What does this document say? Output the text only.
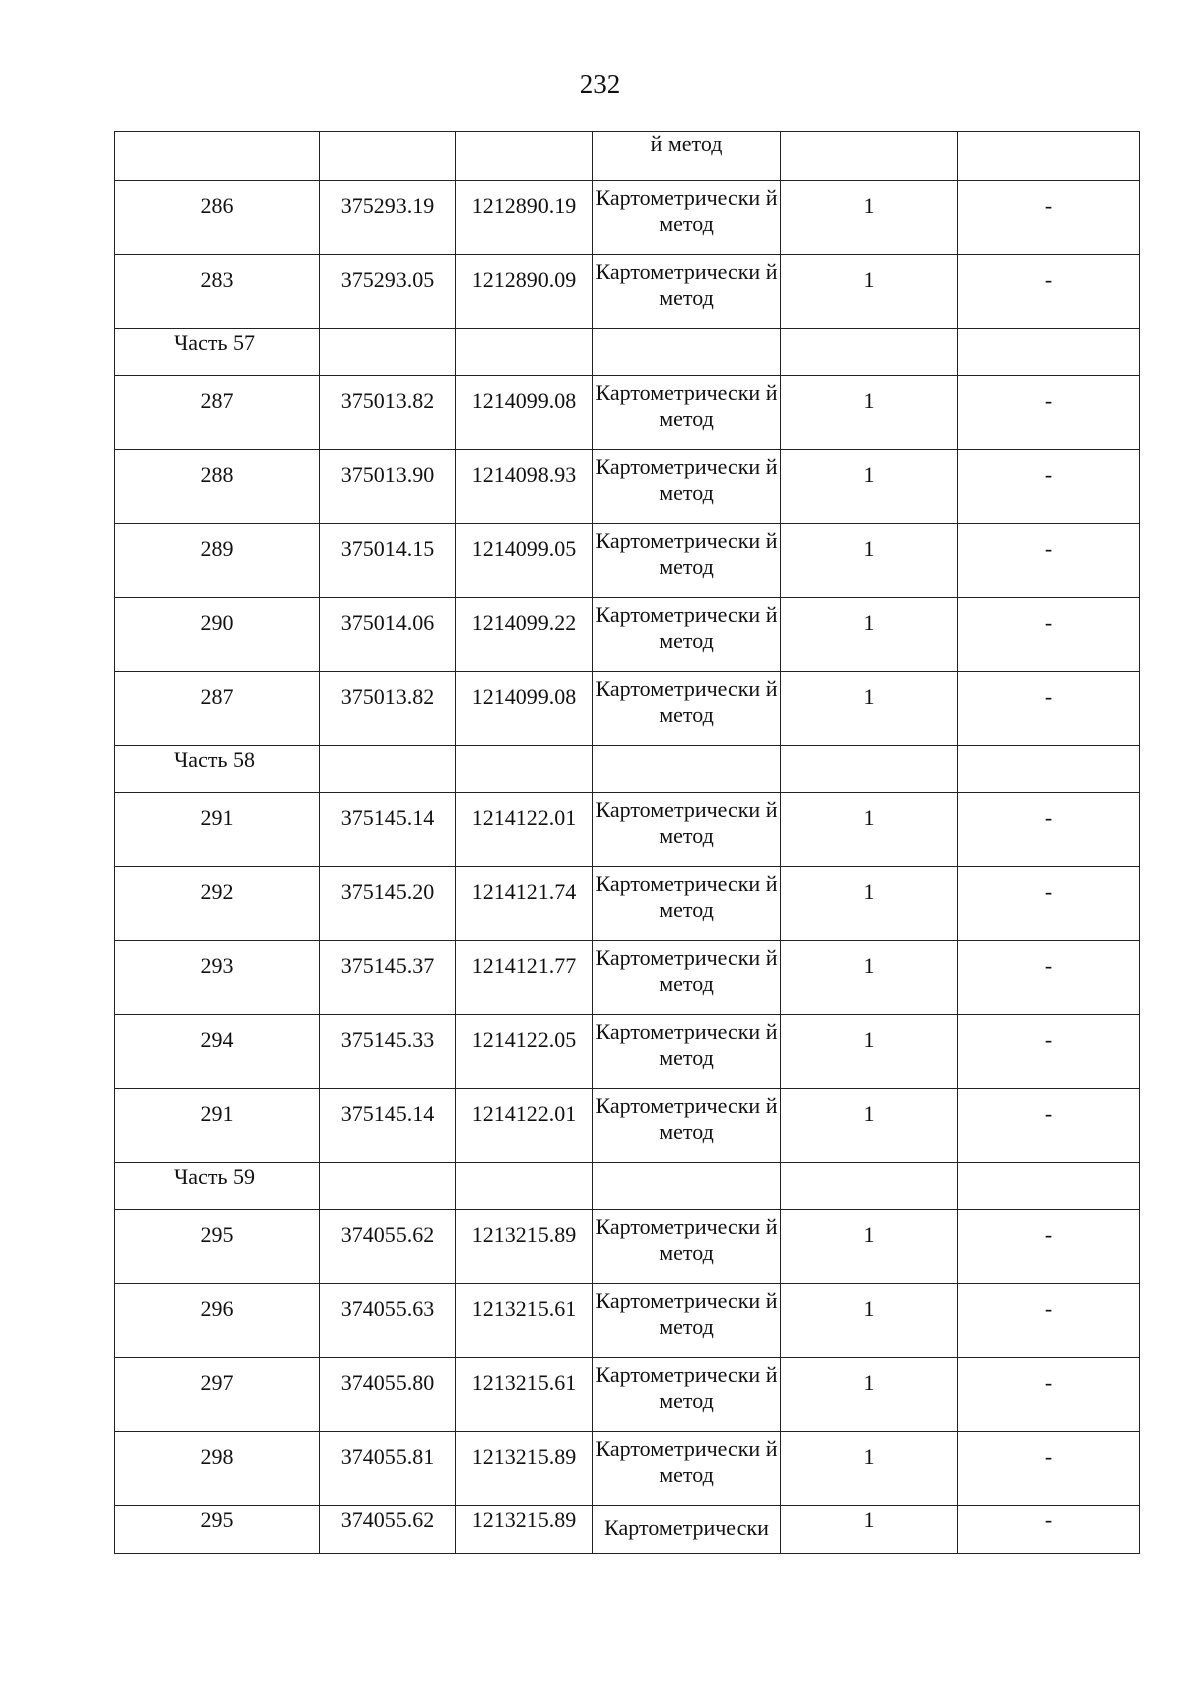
232

			й метод		

286	375293.19	1212890.19	Картометрически й метод	1	-

283	375293.05	1212890.09	Картометрически й метод	1	-

Часть 57					

287	375013.82	1214099.08	Картометрически й метод	1	-

288	375013.90	1214098.93	Картометрически й метод	1	-

289	375014.15	1214099.05	Картометрически й метод	1	-

290	375014.06	1214099.22	Картометрически й метод	1	-

287	375013.82	1214099.08	Картометрически й метод	1	-

Часть 58					

291	375145.14	1214122.01	Картометрически й метод	1	-

292	375145.20	1214121.74	Картометрически й метод	1	-

293	375145.37	1214121.77	Картометрически й метод	1	-

294	375145.33	1214122.05	Картометрически й метод	1	-

291	375145.14	1214122.01	Картометрически й метод	1	-

Часть 59					

295	374055.62	1213215.89	Картометрически й метод	1	-

296	374055.63	1213215.61	Картометрически й метод	1	-

297	374055.80	1213215.61	Картометрически й метод	1	-

298	374055.81	1213215.89	Картометрически й метод	1	-

295	374055.62	1213215.89	Картометрически	1	-
